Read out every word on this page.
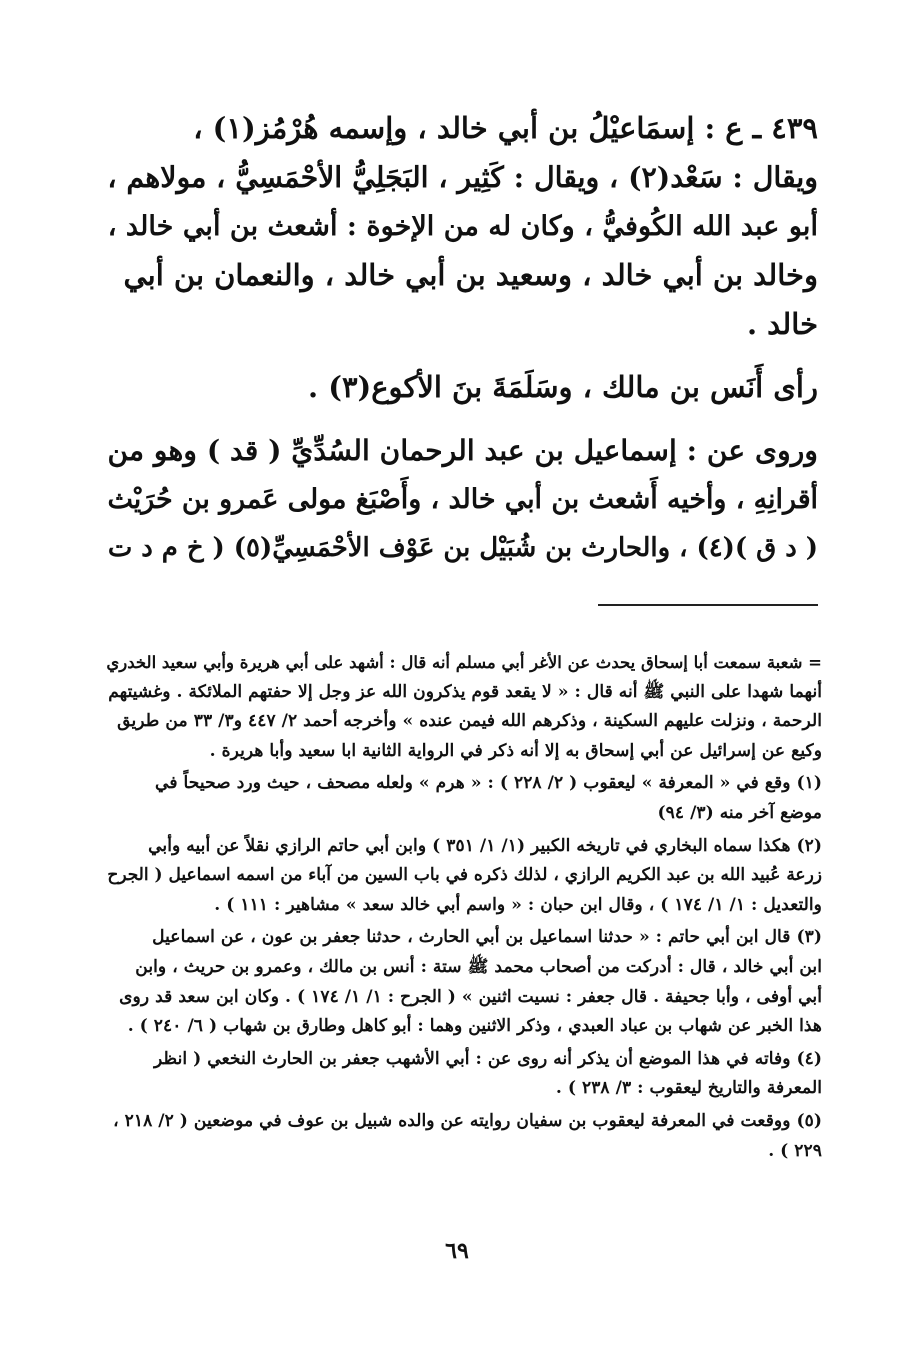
٤٣٩ ـ ع : إسمَاعيْلُ بن أبي خالد ، وإسمه هُرْمُز(١) ،
ويقال : سَعْد(٢) ، ويقال : كَثِير ، البَجَلِيُّ الأحْمَسِيُّ ، مولاهم ،
أبو عبد الله الكُوفيُّ ، وكان له من الإخوة : أشعث بن أبي خالد ،
وخالد بن أبي خالد ، وسعيد بن أبي خالد ، والنعمان بن أبي
خالد .

رأى أَنَس بن مالك ، وسَلَمَةَ بنَ الأكوع(٣) .

وروى عن : إسماعيل بن عبد الرحمان السُدِّيِّ ( قد ) وهو من
أقرانِهِ ، وأخيه أَشعث بن أبي خالد ، وأَصْبَغ مولى عَمرو بن حُرَيْث
( د ق )(٤) ، والحارث بن شُبَيْل بن عَوْف الأحْمَسِيِّ(٥) ( خ م د ت

= شعبة سمعت أبا إسحاق يحدث عن الأغر أبي مسلم أنه قال : أشهد على أبي هريرة وأبي سعيد الخدري
أنهما شهدا على النبي ﷺ أنه قال : « لا يقعد قوم يذكرون الله عز وجل إلا حفتهم الملائكة . وغشيتهم
الرحمة ، ونزلت عليهم السكينة ، وذكرهم الله فيمن عنده » وأخرجه أحمد ٢/ ٤٤٧ و٣/ ٣٣ من طريق
وكيع عن إسرائيل عن أبي إسحاق به إلا أنه ذكر في الرواية الثانية ابا سعيد وأبا هريرة .

(١) وقع في « المعرفة » ليعقوب ( ٢/ ٢٢٨ ) : « هرم » ولعله مصحف ، حيث ورد صحيحاً في
موضع آخر منه (٣/ ٩٤)

(٢) هكذا سماه البخاري في تاريخه الكبير (١/ ١/ ٣٥١ ) وابن أبي حاتم الرازي نقلاً عن أبيه وأبي
زرعة عُبيد الله بن عبد الكريم الرازي ، لذلك ذكره في باب السين من آباء من اسمه اسماعيل ( الجرح
والتعديل : ١/ ١/ ١٧٤ ) ، وقال ابن حبان : « واسم أبي خالد سعد » مشاهير : ١١١ ) .

(٣) قال ابن أبي حاتم : « حدثنا اسماعيل بن أبي الحارث ، حدثنا جعفر بن عون ، عن اسماعيل
ابن أبي خالد ، قال : أدركت من أصحاب محمد ﷺ ستة : أنس بن مالك ، وعمرو بن حريث ، وابن
أبي أوفى ، وأبا جحيفة . قال جعفر : نسيت اثنين » ( الجرح : ١/ ١/ ١٧٤ ) . وكان ابن سعد قد روى
هذا الخبر عن شهاب بن عباد العبدي ، وذكر الاثنين وهما : أبو كاهل وطارق بن شهاب ( ٦/ ٢٤٠ ) .

(٤) وفاته في هذا الموضع أن يذكر أنه روى عن : أبي الأشهب جعفر بن الحارث النخعي ( انظر
المعرفة والتاريخ ليعقوب : ٣/ ٢٣٨ ) .

(٥) ووقعت في المعرفة ليعقوب بن سفيان روايته عن والده شبيل بن عوف في موضعين ( ٢/ ٢١٨ ،
٢٢٩ ) .

٦٩
